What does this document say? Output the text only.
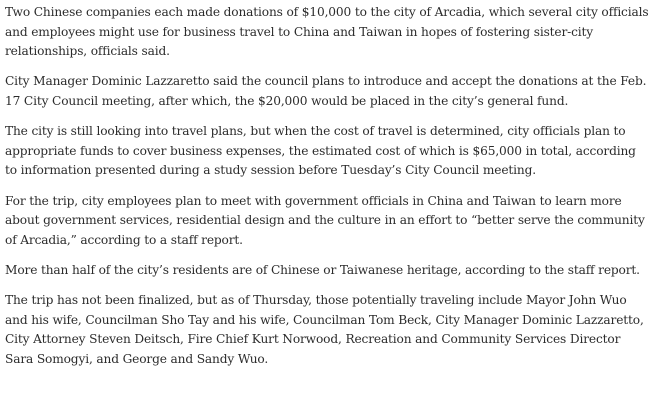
Two Chinese companies each made donations of $10,000 to the city of Arcadia, which several city officials and employees might use for business travel to China and Taiwan in hopes of fostering sister-city relationships, officials said.

City Manager Dominic Lazzaretto said the council plans to introduce and accept the donations at the Feb. 17 City Council meeting, after which, the $20,000 would be placed in the city’s general fund.

The city is still looking into travel plans, but when the cost of travel is determined, city officials plan to appropriate funds to cover business expenses, the estimated cost of which is $65,000 in total, according to information presented during a study session before Tuesday’s City Council meeting.

For the trip, city employees plan to meet with government officials in China and Taiwan to learn more about government services, residential design and the culture in an effort to “better serve the community of Arcadia,” according to a staff report.

More than half of the city’s residents are of Chinese or Taiwanese heritage, according to the staff report.

The trip has not been finalized, but as of Thursday, those potentially traveling include Mayor John Wuo and his wife, Councilman Sho Tay and his wife, Councilman Tom Beck, City Manager Dominic Lazzaretto, City Attorney Steven Deitsch, Fire Chief Kurt Norwood, Recreation and Community Services Director Sara Somogyi, and George and Sandy Wuo.
